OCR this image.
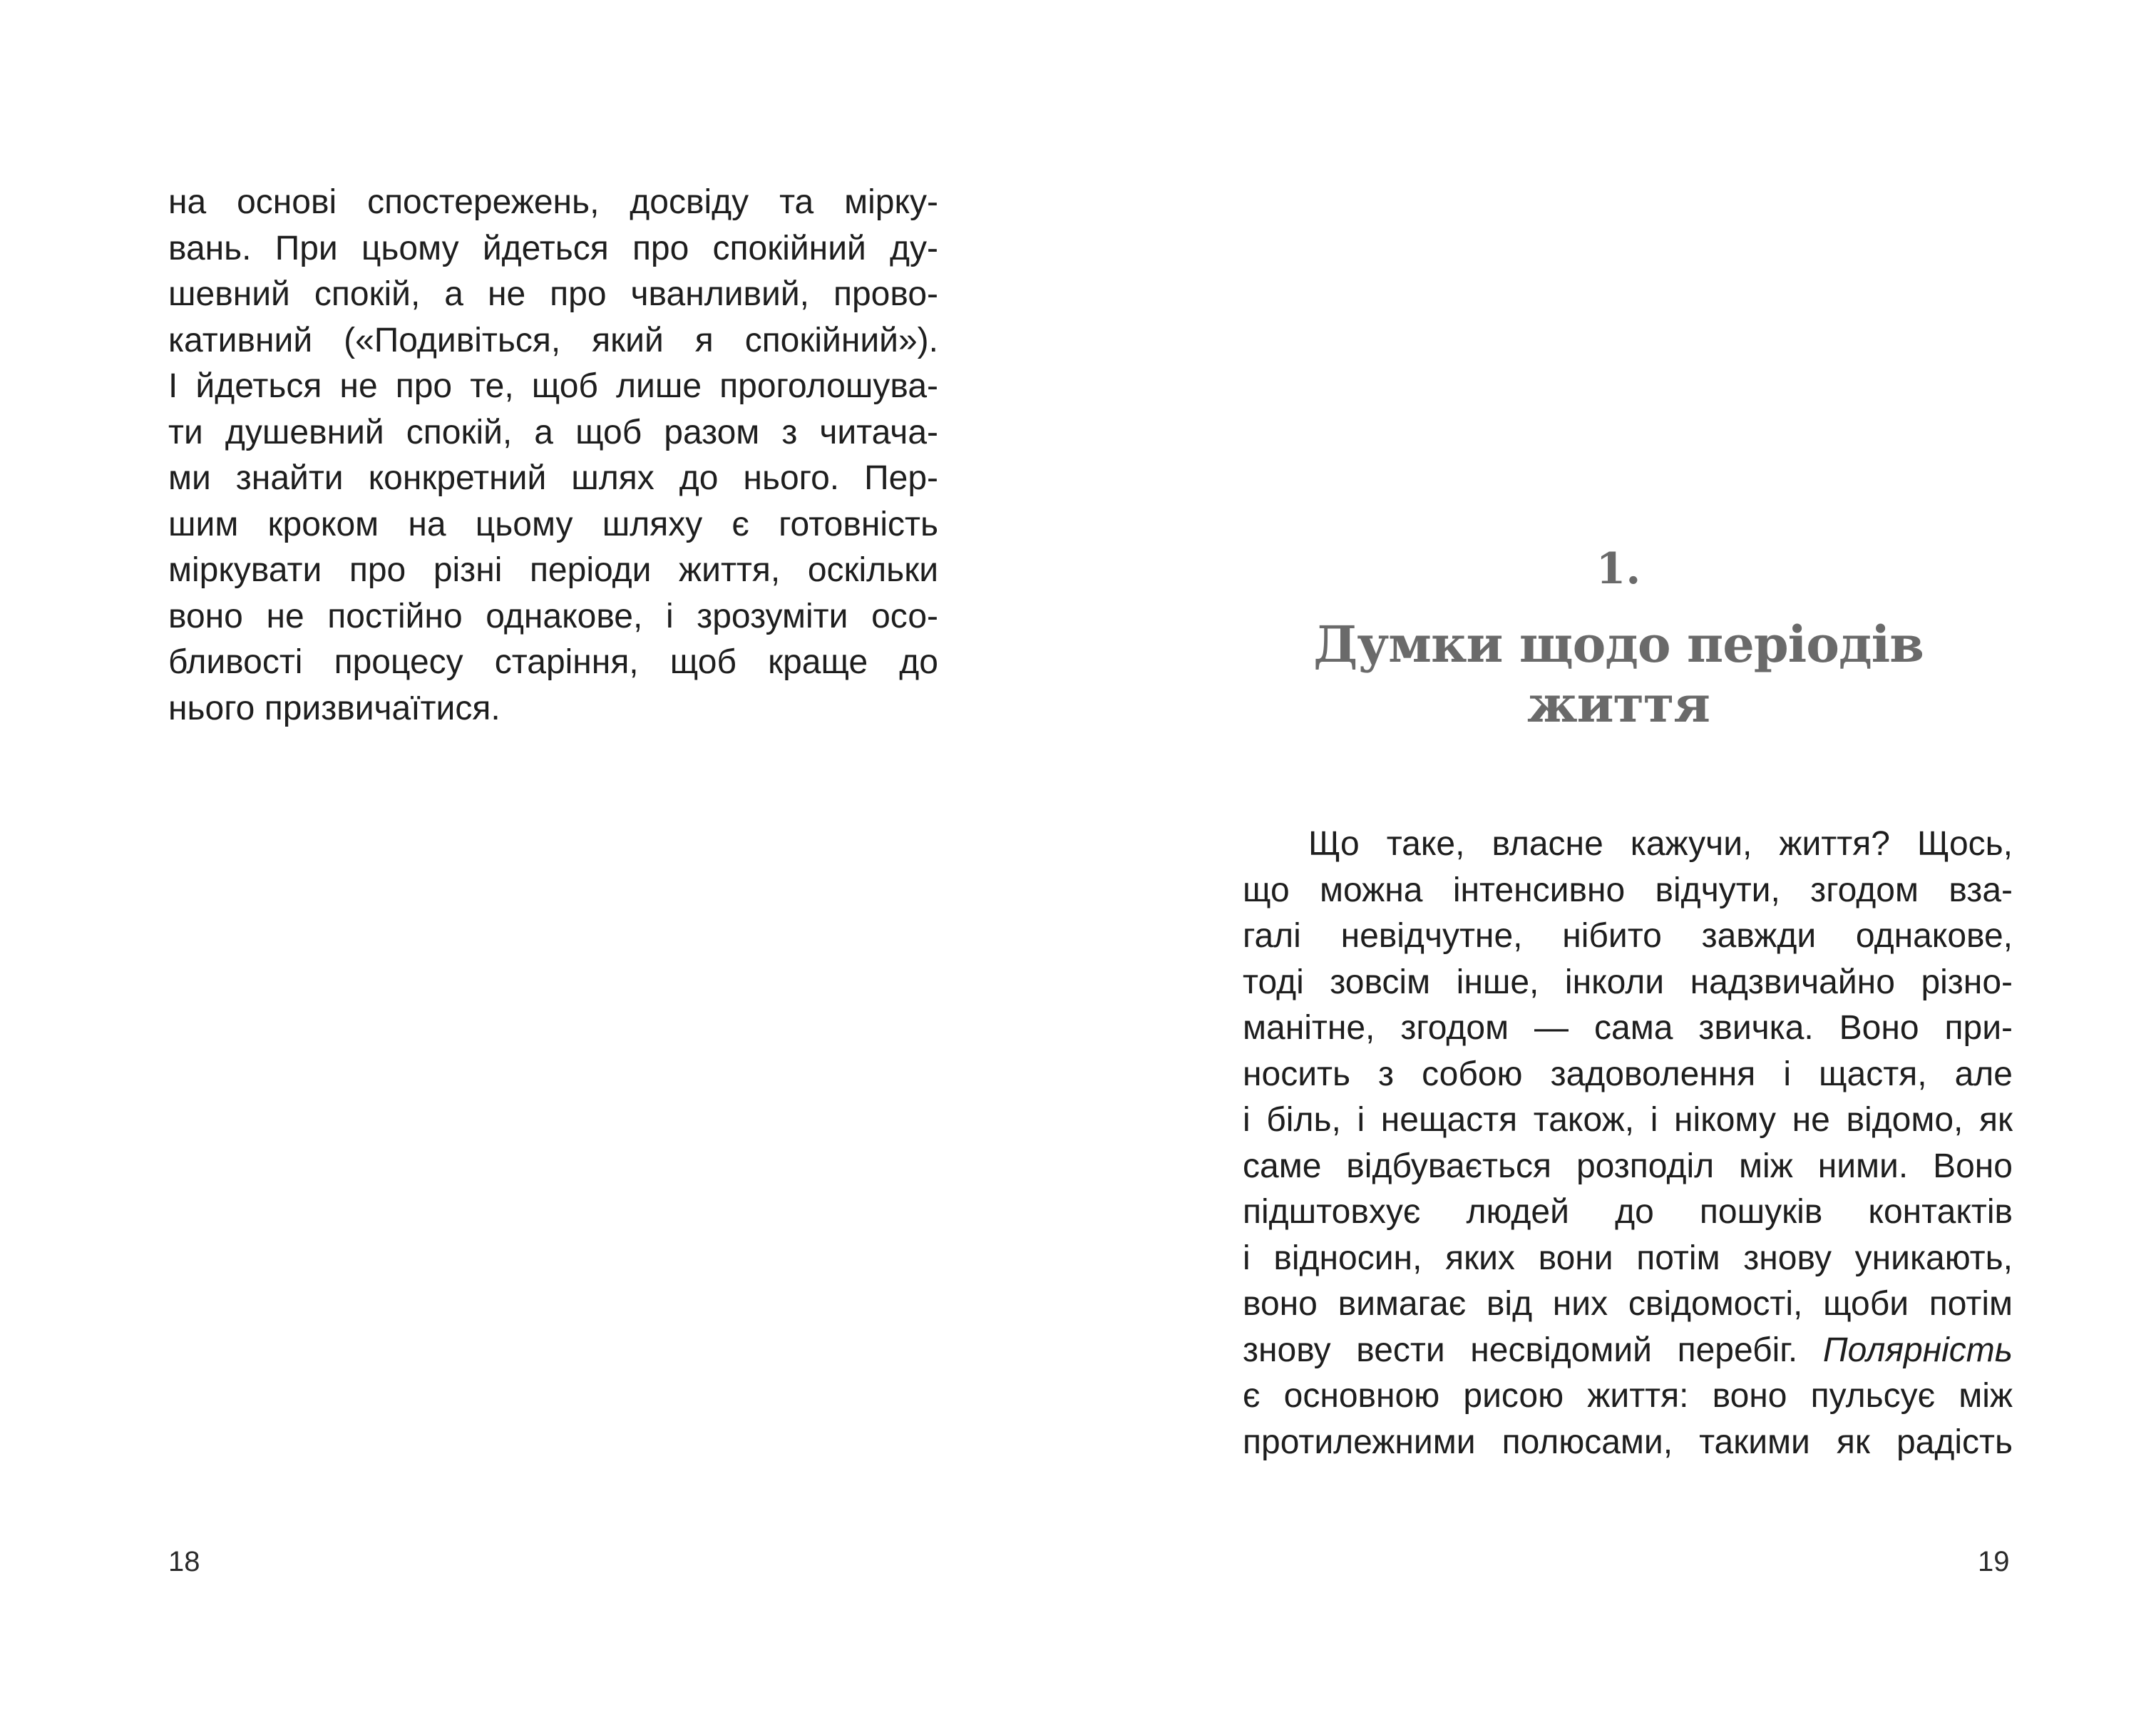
на основі спостережень, досвіду та мірку-
вань. При цьому йдеться про спокійний ду-
шевний спокій, а не про чванливий, прово-
кативний («Подивіться, який я спокійний»).
І йдеться не про те, щоб лише проголошува-
ти душевний спокій, а щоб разом з читача-
ми знайти конкретний шлях до нього. Пер-
шим кроком на цьому шляху є готовність
міркувати про різні періоди життя, оскільки
воно не постійно однакове, і зрозуміти осо-
бливості процесу старіння, щоб краще до
нього призвичаїтися.
18
1.
Думки щодо періодів життя
Що таке, власне кажучи, життя? Щось,
що можна інтенсивно відчути, згодом вза-
галі невідчутне, нібито завжди однакове,
тоді зовсім інше, інколи надзвичайно різно-
манітне, згодом — сама звичка. Воно при-
носить з собою задоволення і щастя, але
і біль, і нещастя також, і нікому не відомо, як
саме відбувається розподіл між ними. Воно
підштовхує людей до пошуків контактів
і відносин, яких вони потім знову уникають,
воно вимагає від них свідомості, щоби потім
знову вести несвідомий перебіг. Полярність
є основною рисою життя: воно пульсує між
протилежними полюсами, такими як радість
19
